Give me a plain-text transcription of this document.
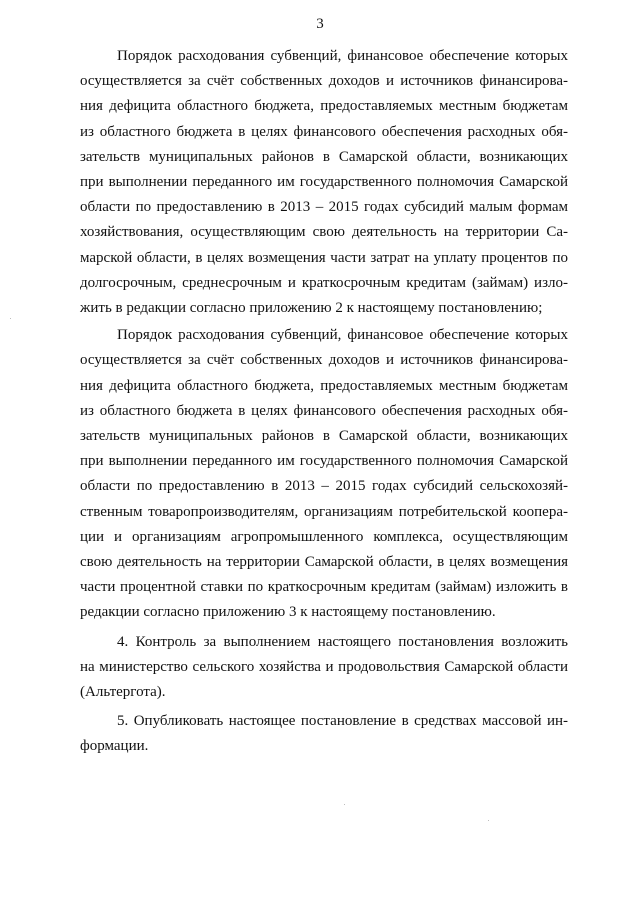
3

Порядок расходования субвенций, финансовое обеспечение которых
осуществляется за счёт собственных доходов и источников финансирова-
ния дефицита областного бюджета, предоставляемых местным бюджетам
из областного бюджета в целях финансового обеспечения расходных обя-
зательств муниципальных районов в Самарской области, возникающих
при выполнении переданного им государственного полномочия Самарской
области по предоставлению в 2013 – 2015 годах субсидий малым формам
хозяйствования, осуществляющим свою деятельность на территории Са-
марской области, в целях возмещения части затрат на уплату процентов по
долгосрочным, среднесрочным и краткосрочным кредитам (займам) изло-
жить в редакции согласно приложению 2 к настоящему постановлению;

Порядок расходования субвенций, финансовое обеспечение которых
осуществляется за счёт собственных доходов и источников финансирова-
ния дефицита областного бюджета, предоставляемых местным бюджетам
из областного бюджета в целях финансового обеспечения расходных обя-
зательств муниципальных районов в Самарской области, возникающих
при выполнении переданного им государственного полномочия Самарской
области по предоставлению в 2013 – 2015 годах субсидий сельскохозяй-
ственным товаропроизводителям, организациям потребительской коопера-
ции и организациям агропромышленного комплекса, осуществляющим
свою деятельность на территории Самарской области, в целях возмещения
части процентной ставки по краткосрочным кредитам (займам) изложить в
редакции согласно приложению 3 к настоящему постановлению.

4. Контроль за выполнением настоящего постановления возложить
на министерство сельского хозяйства и продовольствия Самарской области
(Альтергота).

5. Опубликовать настоящее постановление в средствах массовой ин-
формации.
